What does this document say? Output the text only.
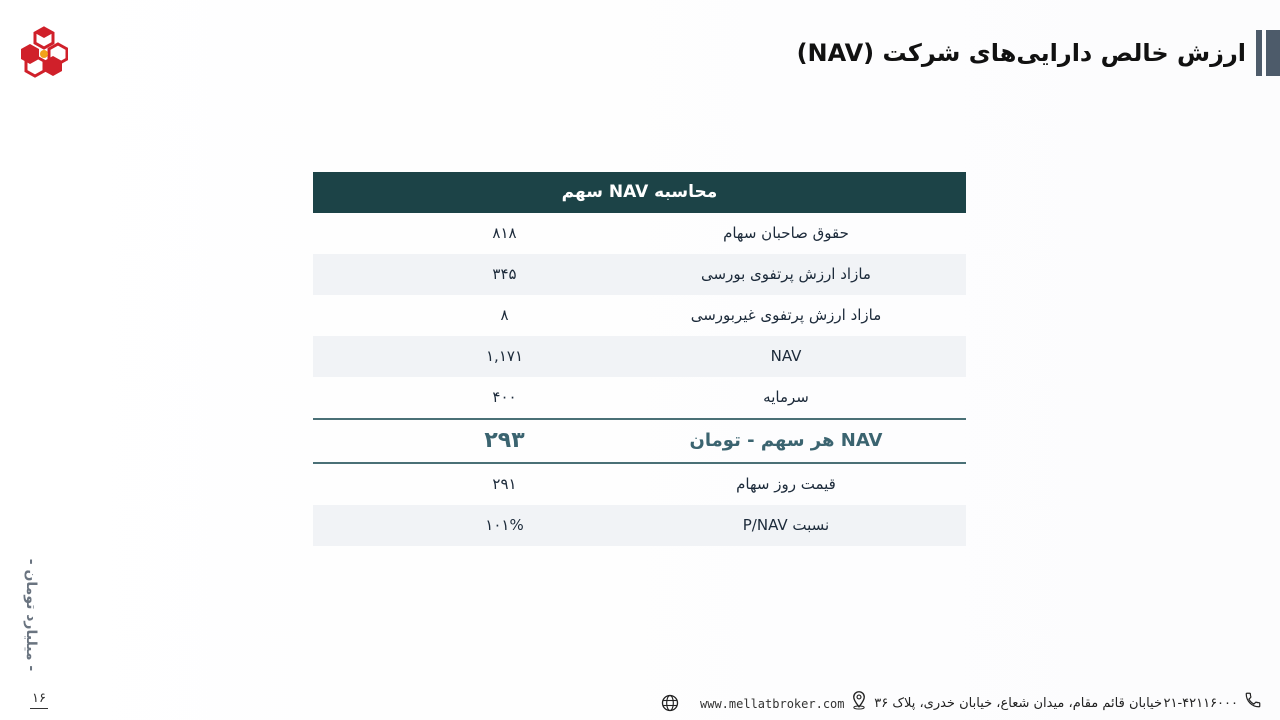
ارزش خالص دارایی‌های شرکت (NAV)
محاسبه NAV سهم
حقوق صاحبان سهام
۸۱۸
مازاد ارزش پرتفوی بورسی
۳۴۵
مازاد ارزش پرتفوی غیربورسی
۸
NAV
۱,۱۷۱
سرمایه
۴۰۰
NAV هر سهم - تومان
۲۹۳
قیمت روز سهام
۲۹۱
نسبت P/NAV
۱۰۱%
- میلیارد تومان -
۱۶	۰۲۱-۴۲۱۱۶۰۰۰
خیابان قائم مقام، میدان شعاع، خیابان خدری، پلاک ۳۶
www.mellatbroker.com
